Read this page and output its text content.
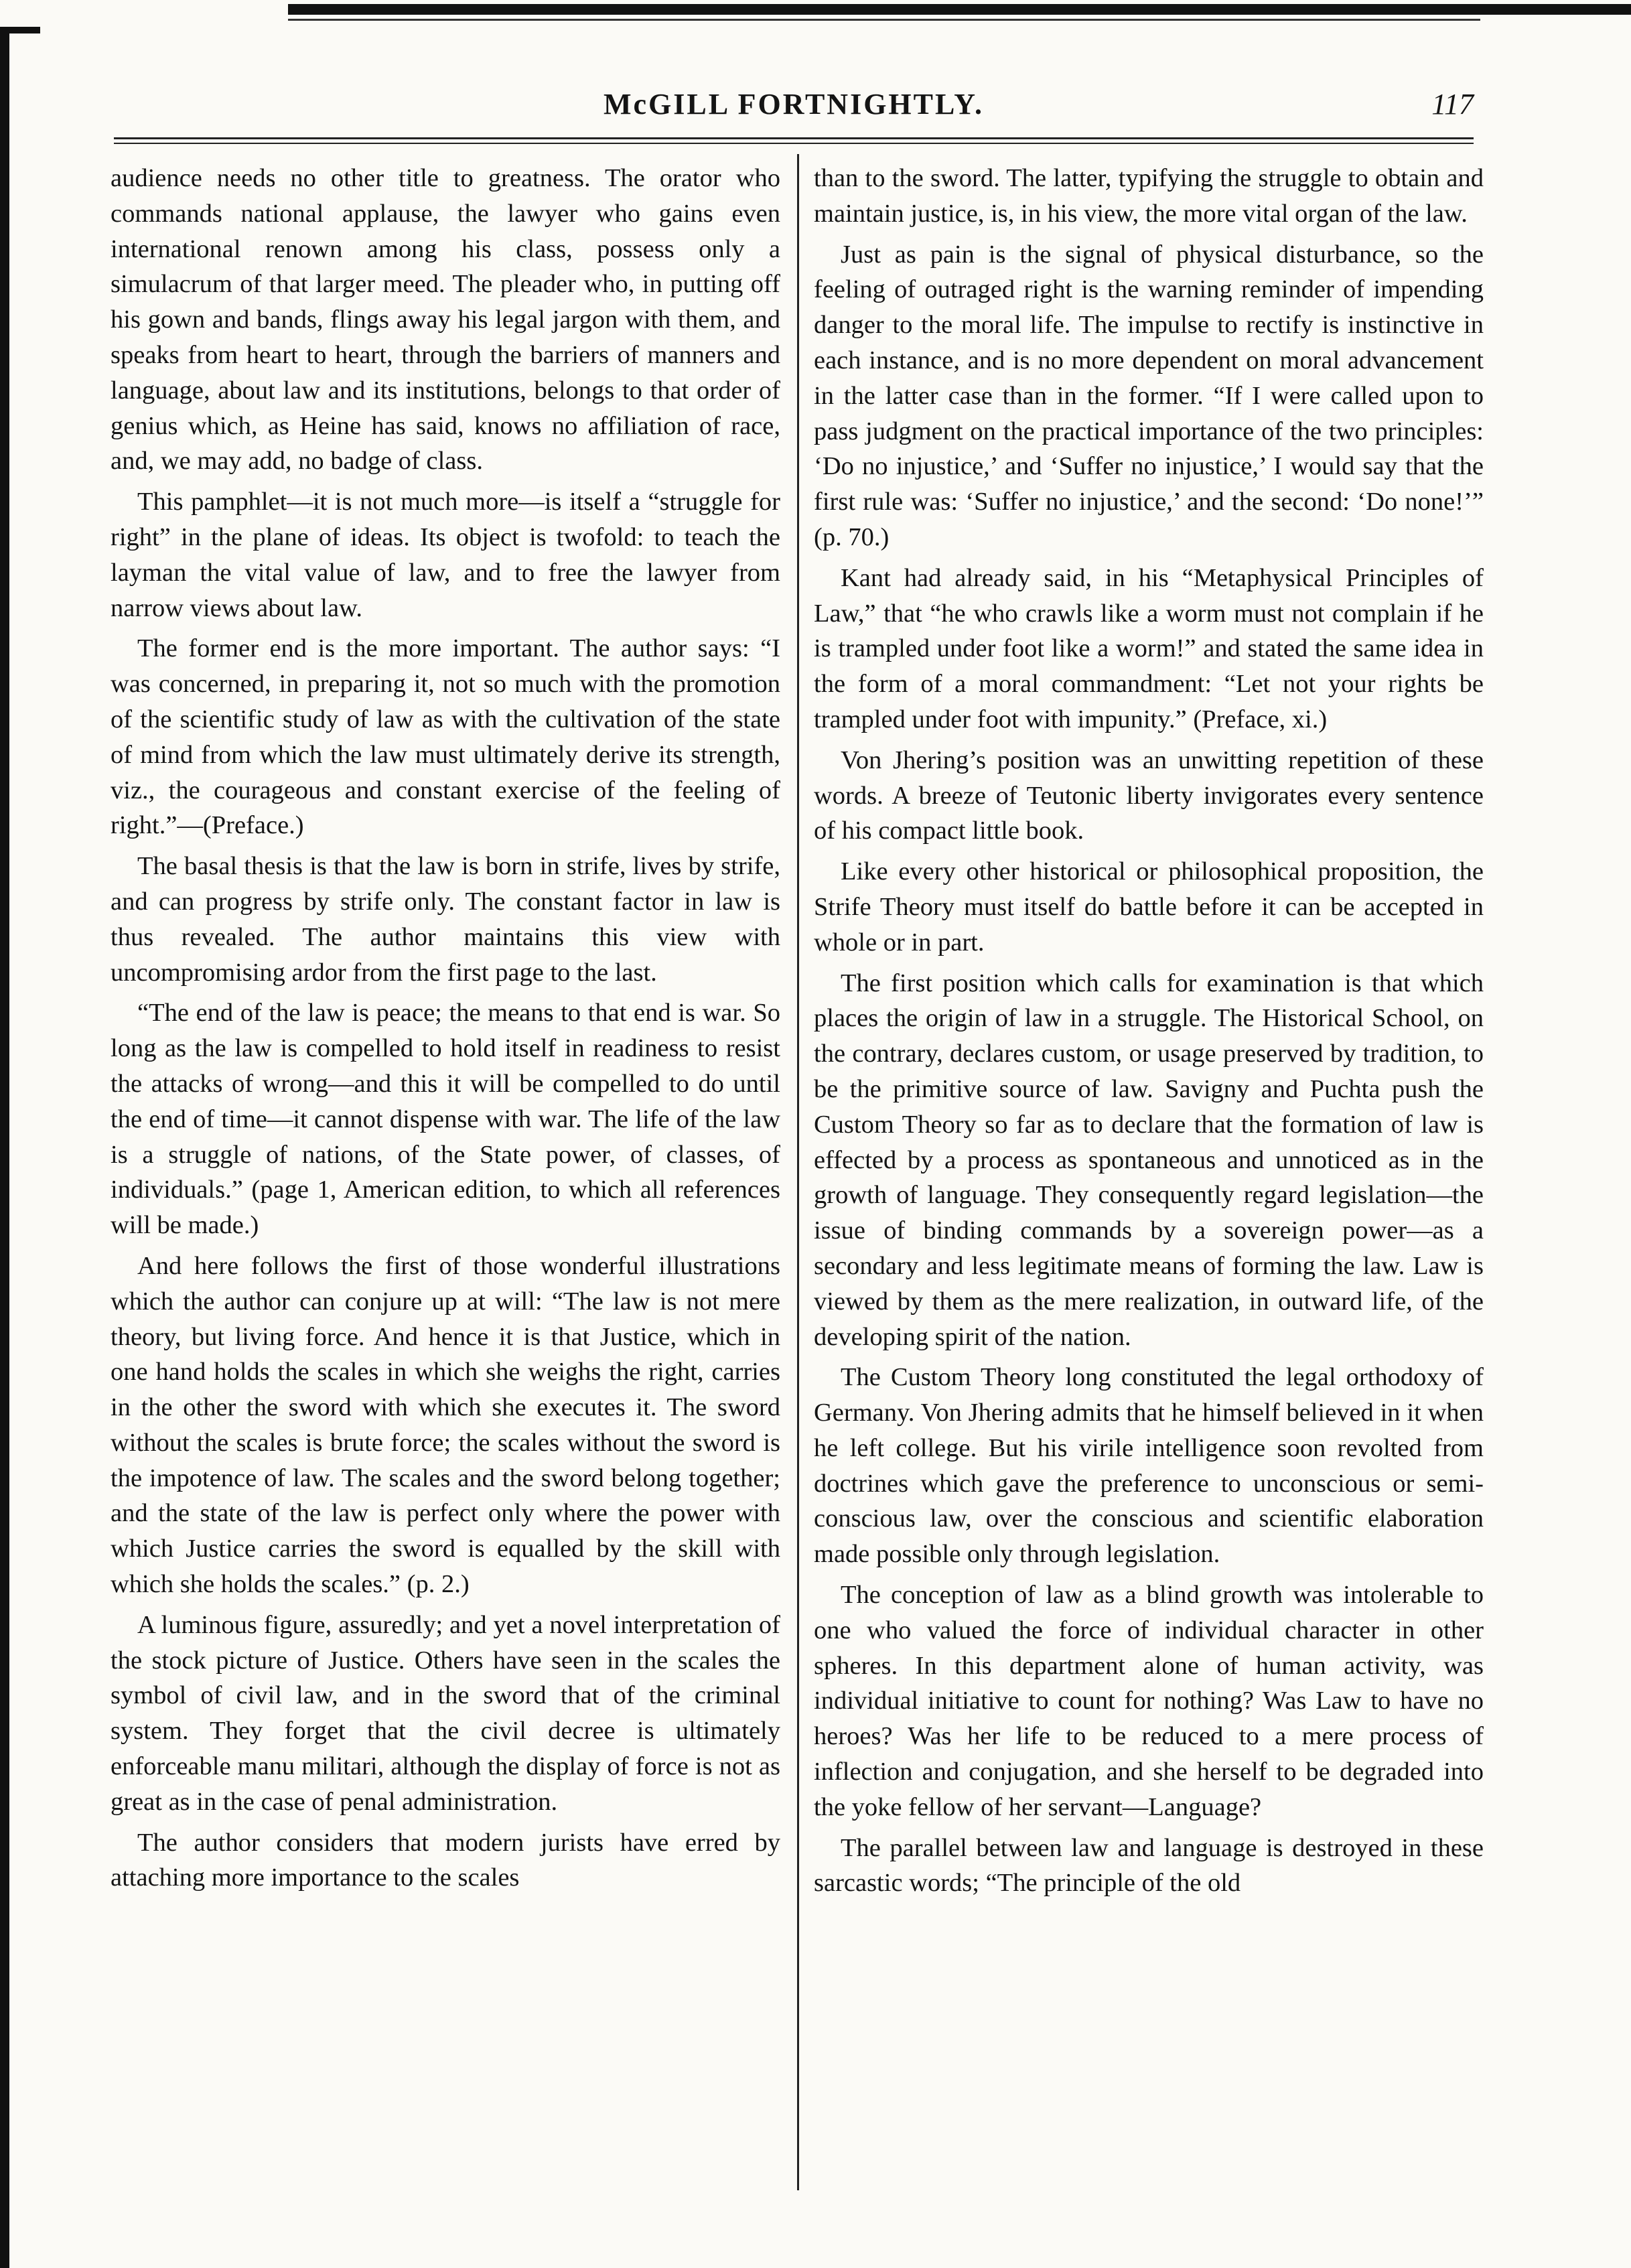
McGILL FORTNIGHTLY.	117

audience needs no other title to greatness. The orator who commands national applause, the lawyer who gains even international renown among his class, possess only a simulacrum of that larger meed. The pleader who, in putting off his gown and bands, flings away his legal jargon with them, and speaks from heart to heart, through the barriers of manners and language, about law and its institutions, belongs to that order of genius which, as Heine has said, knows no affiliation of race, and, we may add, no badge of class.

This pamphlet—it is not much more—is itself a “struggle for right” in the plane of ideas. Its object is twofold: to teach the layman the vital value of law, and to free the lawyer from narrow views about law.

The former end is the more important. The author says: “I was concerned, in preparing it, not so much with the promotion of the scientific study of law as with the cultivation of the state of mind from which the law must ultimately derive its strength, viz., the courageous and constant exercise of the feeling of right.”—(Preface.)

The basal thesis is that the law is born in strife, lives by strife, and can progress by strife only. The constant factor in law is thus revealed. The author maintains this view with uncompromising ardor from the first page to the last.

“The end of the law is peace; the means to that end is war. So long as the law is compelled to hold itself in readiness to resist the attacks of wrong—and this it will be compelled to do until the end of time—it cannot dispense with war. The life of the law is a struggle of nations, of the State power, of classes, of individuals.” (page 1, American edition, to which all references will be made.)

And here follows the first of those wonderful illustrations which the author can conjure up at will: “The law is not mere theory, but living force. And hence it is that Justice, which in one hand holds the scales in which she weighs the right, carries in the other the sword with which she executes it. The sword without the scales is brute force; the scales without the sword is the impotence of law. The scales and the sword belong together; and the state of the law is perfect only where the power with which Justice carries the sword is equalled by the skill with which she holds the scales.” (p. 2.)

A luminous figure, assuredly; and yet a novel interpretation of the stock picture of Justice. Others have seen in the scales the symbol of civil law, and in the sword that of the criminal system. They forget that the civil decree is ultimately enforceable manu militari, although the display of force is not as great as in the case of penal administration.

The author considers that modern jurists have erred by attaching more importance to the scales

than to the sword. The latter, typifying the struggle to obtain and maintain justice, is, in his view, the more vital organ of the law.

Just as pain is the signal of physical disturbance, so the feeling of outraged right is the warning reminder of impending danger to the moral life. The impulse to rectify is instinctive in each instance, and is no more dependent on moral advancement in the latter case than in the former. “If I were called upon to pass judgment on the practical importance of the two principles: ‘Do no injustice,’ and ‘Suffer no injustice,’ I would say that the first rule was: ‘Suffer no injustice,’ and the second: ‘Do none!’” (p. 70.)

Kant had already said, in his “Metaphysical Principles of Law,” that “he who crawls like a worm must not complain if he is trampled under foot like a worm!” and stated the same idea in the form of a moral commandment: “Let not your rights be trampled under foot with impunity.” (Preface, xi.)

Von Jhering’s position was an unwitting repetition of these words. A breeze of Teutonic liberty invigorates every sentence of his compact little book.

Like every other historical or philosophical proposition, the Strife Theory must itself do battle before it can be accepted in whole or in part.

The first position which calls for examination is that which places the origin of law in a struggle. The Historical School, on the contrary, declares custom, or usage preserved by tradition, to be the primitive source of law. Savigny and Puchta push the Custom Theory so far as to declare that the formation of law is effected by a process as spontaneous and unnoticed as in the growth of language. They consequently regard legislation—the issue of binding commands by a sovereign power—as a secondary and less legitimate means of forming the law. Law is viewed by them as the mere realization, in outward life, of the developing spirit of the nation.

The Custom Theory long constituted the legal orthodoxy of Germany. Von Jhering admits that he himself believed in it when he left college. But his virile intelligence soon revolted from doctrines which gave the preference to unconscious or semi-conscious law, over the conscious and scientific elaboration made possible only through legislation.

The conception of law as a blind growth was intolerable to one who valued the force of individual character in other spheres. In this department alone of human activity, was individual initiative to count for nothing? Was Law to have no heroes? Was her life to be reduced to a mere process of inflection and conjugation, and she herself to be degraded into the yoke fellow of her servant—Language?

The parallel between law and language is destroyed in these sarcastic words; “The principle of the old
